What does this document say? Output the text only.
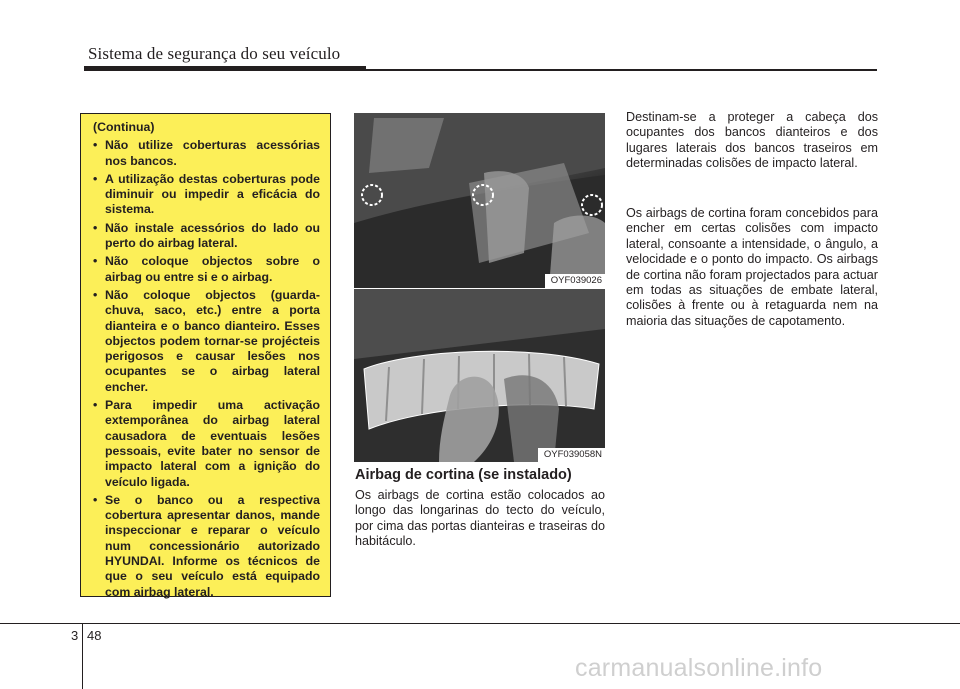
Sistema de segurança do seu veículo
(Continua)
• Não utilize coberturas acessórias nos bancos.
• A utilização destas coberturas pode diminuir ou impedir a eficácia do sistema.
• Não instale acessórios do lado ou perto do airbag lateral.
• Não coloque objectos sobre o airbag ou entre si e o airbag.
• Não coloque objectos (guarda-chuva, saco, etc.) entre a porta dianteira e o banco dianteiro. Esses objectos podem tornar-se projécteis perigosos e causar lesões nos ocupantes se o airbag lateral encher.
• Para impedir uma activação extemporânea do airbag lateral causadora de eventuais lesões pessoais, evite bater no sensor de impacto lateral com a ignição do veículo ligada.
• Se o banco ou a respectiva cobertura apresentar danos, mande inspeccionar e reparar o veículo num concessionário autorizado HYUNDAI. Informe os técnicos de que o seu veículo está equipado com airbag lateral.
OYF039026
OYF039058N
Airbag de cortina (se instalado)

Os airbags de cortina estão colocados ao longo das longarinas do tecto do veículo, por cima das portas dianteiras e traseiras do habitáculo.

Destinam-se a proteger a cabeça dos ocupantes dos bancos dianteiros e dos lugares laterais dos bancos traseiros em determinadas colisões de impacto lateral.

Os airbags de cortina foram concebidos para encher em certas colisões com impacto lateral, consoante a intensidade, o ângulo, a velocidade e o ponto do impacto. Os airbags de cortina não foram projectados para actuar em todas as situações de embate lateral, colisões à frente ou à retaguarda nem na maioria das situações de capotamento.

3 48
carmanualsonline.info
